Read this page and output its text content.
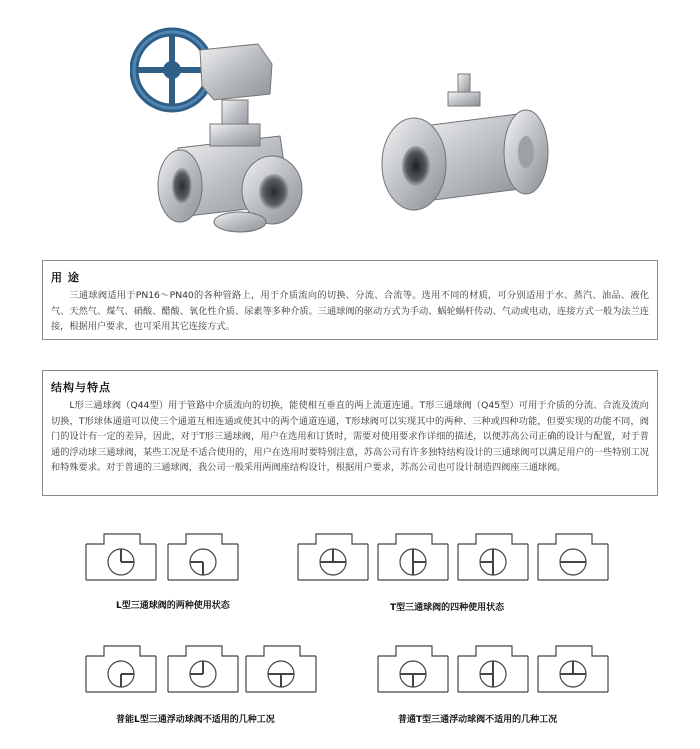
用 途
三通球阀适用于PN16～PN40的各种管路上，用于介质流向的切换、分流、合流等。选用不同的材质，可分别适用于水、蒸汽、油品、液化气、天然气、煤气、硝酸、醋酸、氧化性介质、尿素等多种介质。三通球阀的驱动方式为手动、蜗轮蜗杆传动、气动或电动，连接方式一般为法兰连接，根据用户要求，也可采用其它连接方式。
结构与特点
L形三通球阀（Q44型）用于管路中介质流向的切换，能使相互垂直的两上流道连通。T形三通球阀（Q45型）可用于介质的分流、合流及流向切换，T形球体通道可以使三个通道互相连通或使其中的两个通道连通，T形球阀可以实现其中的两种、三种或四种功能，但要实现的功能不同，阀门的设计有一定的差异，因此，对于T形三通球阀，用户在选用和订货时，需要对使用要求作详细的描述，以便苏高公司正确的设计与配置，对于普通的浮动球三通球阀，某些工况是不适合使用的，用户在选用时要特别注意，苏高公司有许多独特结构设计的三通球阀可以满足用户的一些特别工况和特殊要求。对于普通的三通球阀，我公司一般采用两阀座结构设计，根据用户要求，苏高公司也可设计制造四阀座三通球阀。
L型三通球阀的两种使用状态	T型三通球阀的四种使用状态
普能L型三通浮动球阀不适用的几种工况	普通T型三通浮动球阀不适用的几种工况
